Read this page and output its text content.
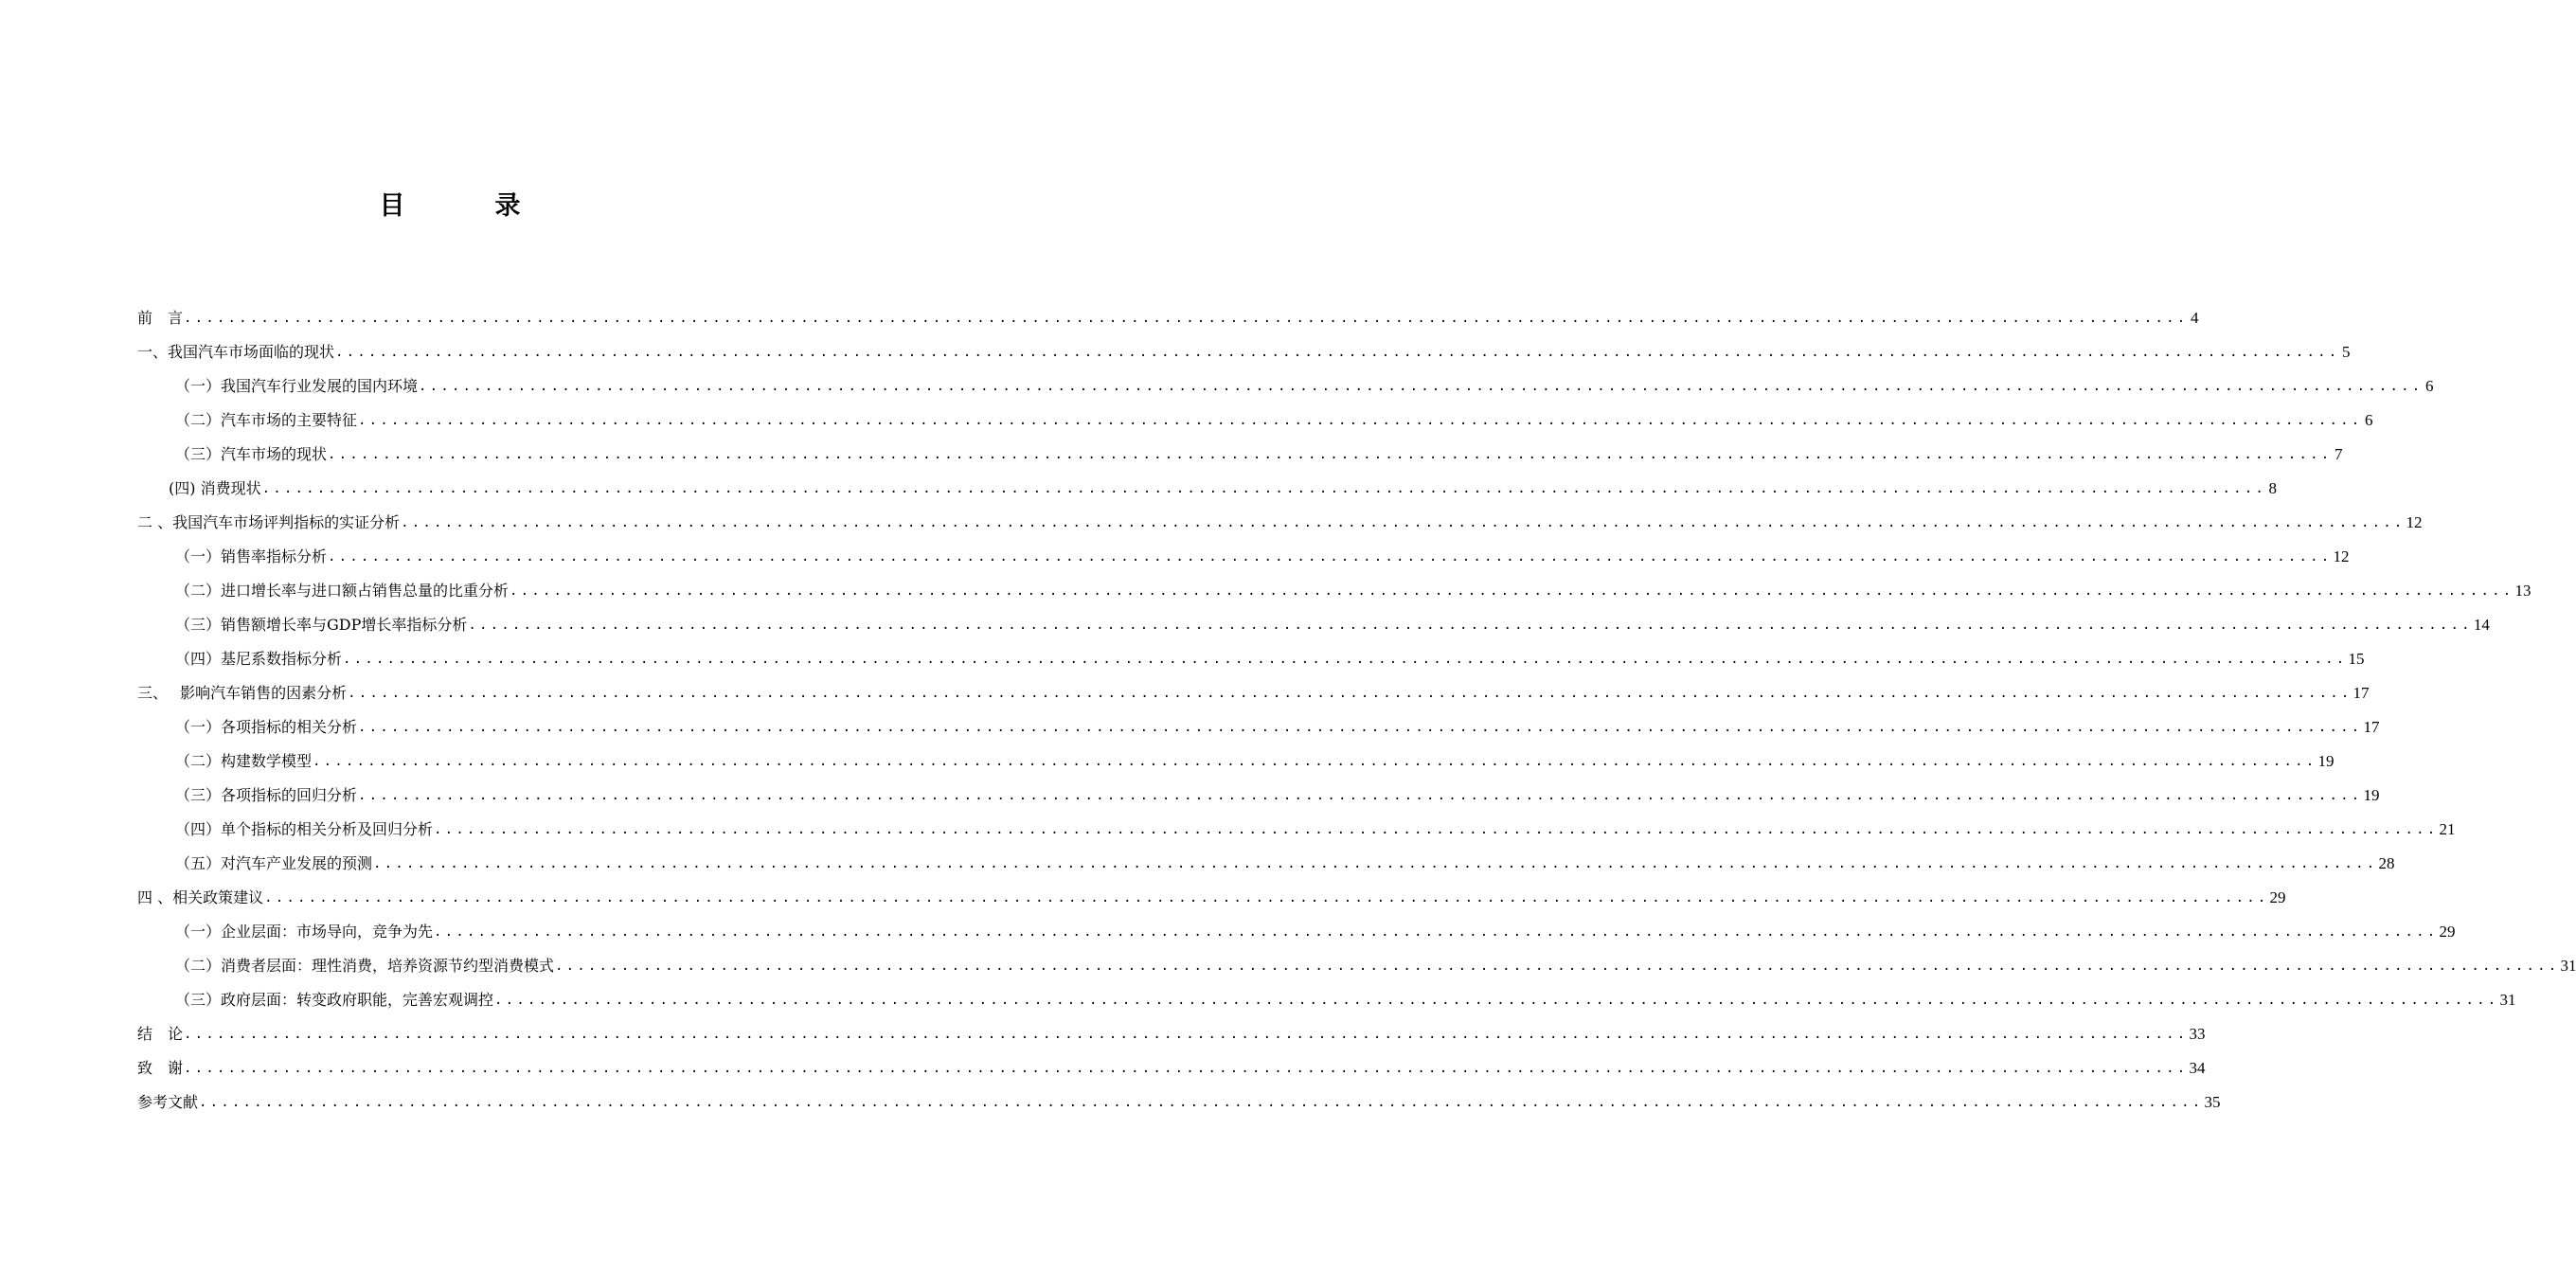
目　录
前　言 ...................................................................................................................................................................................... 4
一、我国汽车市场面临的现状 ...................................................................................................................................................................................... 5
（一）我国汽车行业发展的国内环境 ...................................................................................................................................................................................... 6
（二）汽车市场的主要特征 ...................................................................................................................................................................................... 6
（三）汽车市场的现状 ...................................................................................................................................................................................... 7
(四) 消费现状 ...................................................................................................................................................................................... 8
二 、我国汽车市场评判指标的实证分析 ...................................................................................................................................................................................... 12
（一）销售率指标分析 ...................................................................................................................................................................................... 12
（二）进口增长率与进口额占销售总量的比重分析 ...................................................................................................................................................................................... 13
（三）销售额增长率与GDP增长率指标分析 ...................................................................................................................................................................................... 14
（四）基尼系数指标分析 ...................................................................................................................................................................................... 15
三、　 影响汽车销售的因素分析 ...................................................................................................................................................................................... 17
（一）各项指标的相关分析 ...................................................................................................................................................................................... 17
（二）构建数学模型 ...................................................................................................................................................................................... 19
（三）各项指标的回归分析 ...................................................................................................................................................................................... 19
（四）单个指标的相关分析及回归分析 ...................................................................................................................................................................................... 21
（五）对汽车产业发展的预测 ...................................................................................................................................................................................... 28
四 、相关政策建议 ...................................................................................................................................................................................... 29
（一）企业层面：市场导向，竞争为先 ...................................................................................................................................................................................... 29
（二）消费者层面：理性消费，培养资源节约型消费模式 ...................................................................................................................................................................................... 31
（三）政府层面：转变政府职能，完善宏观调控 ...................................................................................................................................................................................... 31
结　论 ...................................................................................................................................................................................... 33
致　谢 ...................................................................................................................................................................................... 34
参考文献 ...................................................................................................................................................................................... 35
